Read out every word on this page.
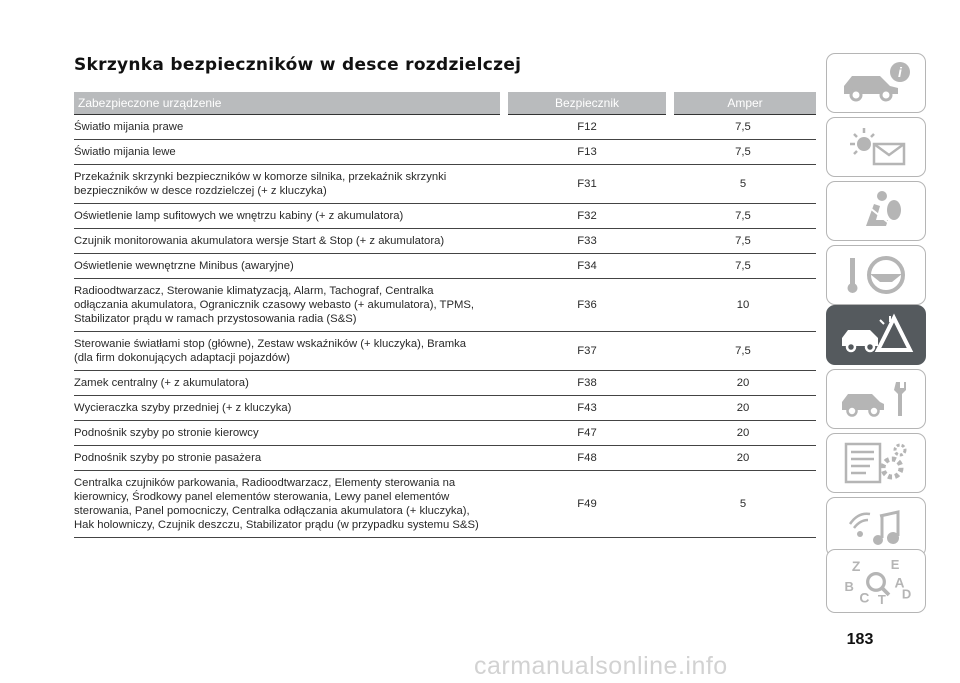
Skrzynka bezpieczników w desce rozdzielczej
Zabezpieczone urządzenie	Bezpiecznik	Amper
Światło mijania prawe	F12	7,5
Światło mijania lewe	F13	7,5
Przekaźnik skrzynki bezpieczników w komorze silnika, przekaźnik skrzynki bezpieczników w desce rozdzielczej (+ z kluczyka)	F31	5
Oświetlenie lamp sufitowych we wnętrzu kabiny (+ z akumulatora)	F32	7,5
Czujnik monitorowania akumulatora wersje Start & Stop (+ z akumulatora)	F33	7,5
Oświetlenie wewnętrzne Minibus (awaryjne)	F34	7,5
Radioodtwarzacz, Sterowanie klimatyzacją, Alarm, Tachograf, Centralka odłączania akumulatora, Ogranicznik czasowy webasto (+ akumulatora), TPMS, Stabilizator prądu w ramach przystosowania radia (S&S)	F36	10
Sterowanie światłami stop (główne), Zestaw wskaźników (+ kluczyka), Bramka (dla firm dokonujących adaptacji pojazdów)	F37	7,5
Zamek centralny (+ z akumulatora)	F38	20
Wycieraczka szyby przedniej (+ z kluczyka)	F43	20
Podnośnik szyby po stronie kierowcy	F47	20
Podnośnik szyby po stronie pasażera	F48	20
Centralka czujników parkowania, Radioodtwarzacz, Elementy sterowania na kierownicy, Środkowy panel elementów sterowania, Lewy panel elementów sterowania, Panel pomocniczy, Centralka odłączania akumulatora (+ kluczyka), Hak holowniczy, Czujnik deszczu, Stabilizator prądu (w przypadku systemu S&S)	F49	5
i
Z E
A
B
C T D
183
carmanualsonline.info
